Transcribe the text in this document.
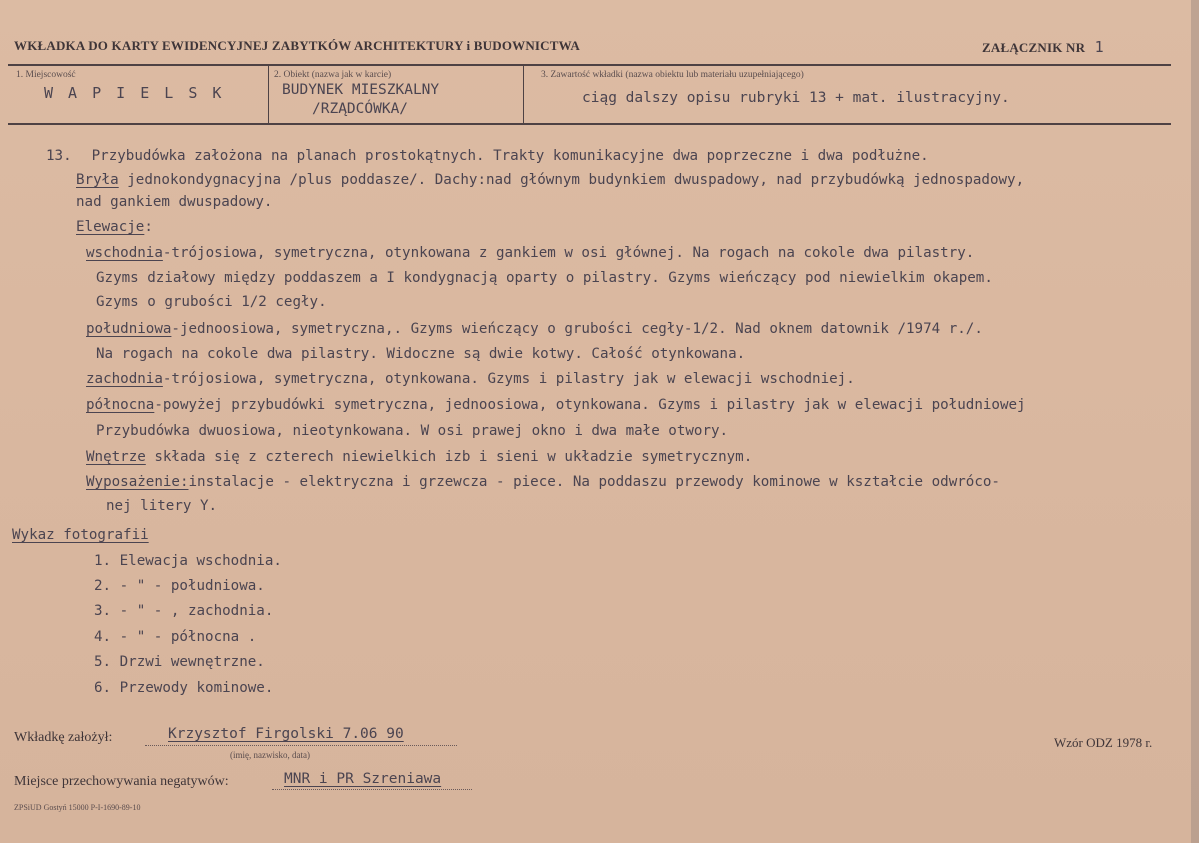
WKŁADKA DO KARTY EWIDENCYJNEJ ZABYTKÓW ARCHITEKTURY i BUDOWNICTWA	ZAŁĄCZNIK NR 1
1. Miejscowość
W A P I E L S K
2. Obiekt (nazwa jak w karcie)
BUDYNEK MIESZKALNY
/RZĄDCÓWKA/
3. Zawartość wkładki (nazwa obiektu lub materiału uzupełniającego)
ciąg dalszy opisu rubryki 13 + mat. ilustracyjny.
13. Przybudówka założona na planach prostokątnych. Trakty komunikacyjne dwa poprzeczne i dwa podłużne.
Bryła jednokondygnacyjna /plus poddasze/. Dachy:nad głównym budynkiem dwuspadowy, nad przybudówką jednospadowy,
nad gankiem dwuspadowy.
Elewacje:
wschodnia-trójosiowa, symetryczna, otynkowana z gankiem w osi głównej. Na rogach na cokole dwa pilastry.
Gzyms działowy między poddaszem a I kondygnacją oparty o pilastry. Gzyms wieńczący pod niewielkim okapem.
Gzyms o grubości 1/2 cegły.
południowa-jednoosiowa, symetryczna,. Gzyms wieńczący o grubości cegły-1/2. Nad oknem datownik /1974 r./.
Na rogach na cokole dwa pilastry. Widoczne są dwie kotwy. Całość otynkowana.
zachodnia-trójosiowa, symetryczna, otynkowana. Gzyms i pilastry jak w elewacji wschodniej.
północna-powyżej przybudówki symetryczna, jednoosiowa, otynkowana. Gzyms i pilastry jak w elewacji południowej
Przybudówka dwuosiowa, nieotynkowana. W osi prawej okno i dwa małe otwory.
Wnętrze składa się z czterech niewielkich izb i sieni w układzie symetrycznym.
Wyposażenie:instalacje - elektryczna i grzewcza - piece. Na poddaszu przewody kominowe w kształcie odwróco-
nej litery Y.
Wykaz fotografii
1. Elewacja wschodnia.
2. - " - południowa.
3. - " - , zachodnia.
4. - " - północna .
5. Drzwi wewnętrzne.
6. Przewody kominowe.
Wkładkę założył:	Krzysztof Firgolski 7.06 90
(imię, nazwisko, data)
Wzór ODZ 1978 r.
Miejsce przechowywania negatywów:	MNR i PR Szreniawa
ZPSiUD Gostyń 15000 P-I-1690-89-10
